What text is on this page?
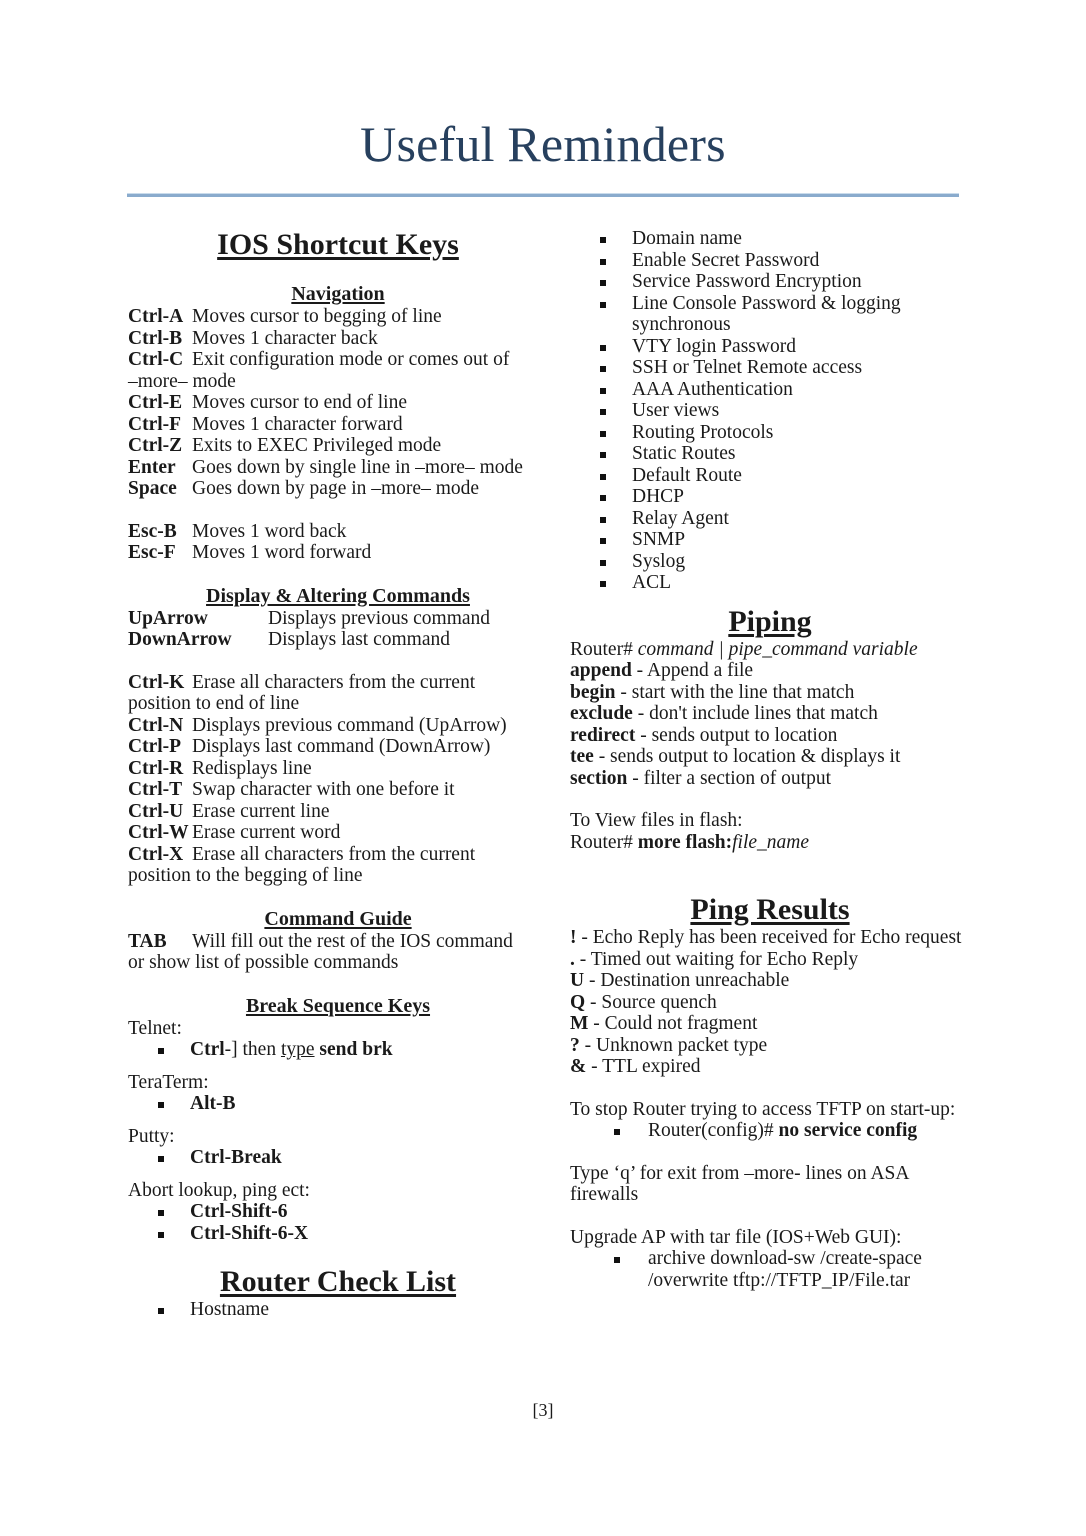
Useful Reminders
IOS Shortcut Keys
Navigation
Ctrl-A Moves cursor to begging of line
Ctrl-B Moves 1 character back
Ctrl-C Exit configuration mode or comes out of
–more– mode
Ctrl-E Moves cursor to end of line
Ctrl-F Moves 1 character forward
Ctrl-Z Exits to EXEC Privileged mode
Enter Goes down by single line in –more– mode
Space Goes down by page in –more– mode
Esc-B Moves 1 word back
Esc-F Moves 1 word forward
Display & Altering Commands
UpArrow	Displays previous command
DownArrow	Displays last command
Ctrl-K Erase all characters from the current
position to end of line
Ctrl-N Displays previous command (UpArrow)
Ctrl-P Displays last command (DownArrow)
Ctrl-R Redisplays line
Ctrl-T Swap character with one before it
Ctrl-U Erase current line
Ctrl-W Erase current word
Ctrl-X Erase all characters from the current
position to the begging of line
Command Guide
TAB	Will fill out the rest of the IOS command
or show list of possible commands
Break Sequence Keys
Telnet:
Ctrl-] then type send brk
TeraTerm:
Alt-B
Putty:
Ctrl-Break
Abort lookup, ping ect:
Ctrl-Shift-6
Ctrl-Shift-6-X
Router Check List
Hostname
Domain name
Enable Secret Password
Service Password Encryption
Line Console Password & logging synchronous
VTY login Password
SSH or Telnet Remote access
AAA Authentication
User views
Routing Protocols
Static Routes
Default Route
DHCP
Relay Agent
SNMP
Syslog
ACL
Piping
Router# command | pipe_command variable
append - Append a file
begin - start with the line that match
exclude - don't include lines that match
redirect - sends output to location
tee - sends output to location & displays it
section - filter a section of output
To View files in flash:
Router# more flash:file_name
Ping Results
! - Echo Reply has been received for Echo request
. - Timed out waiting for Echo Reply
U - Destination unreachable
Q - Source quench
M - Could not fragment
? - Unknown packet type
& - TTL expired
To stop Router trying to access TFTP on start-up:
Router(config)# no service config
Type ‘q’ for exit from –more- lines on ASA firewalls
Upgrade AP with tar file (IOS+Web GUI):
archive download-sw /create-space /overwrite tftp://TFTP_IP/File.tar
[3]
